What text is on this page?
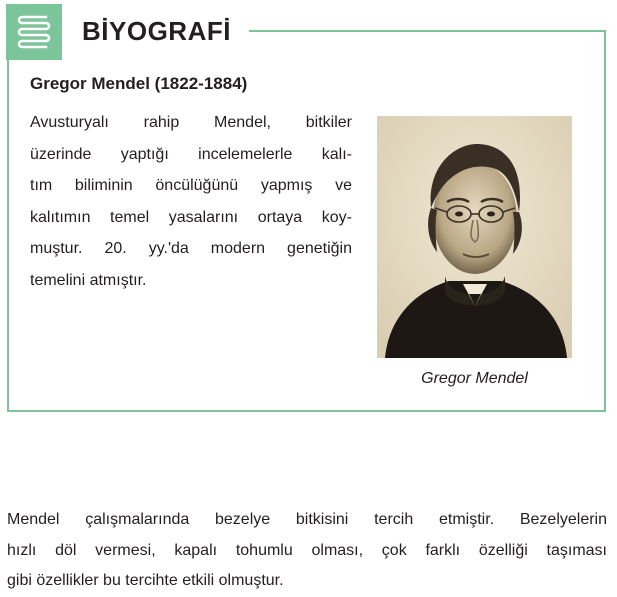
BİYOGRAFİ
Gregor Mendel (1822-1884)
Avusturyalı rahip Mendel, bitkiler
üzerinde yaptığı incelemelerle kalı-
tım biliminin öncülüğünü yapmış ve
kalıtımın temel yasalarını ortaya koy-
muştur. 20. yy.'da modern genetiğin
temelini atmıştır.
Gregor Mendel
Mendel çalışmalarında bezelye bitkisini tercih etmiştir. Bezelyelerin
hızlı döl vermesi, kapalı tohumlu olması, çok farklı özelliği taşıması
gibi özellikler bu tercihte etkili olmuştur.
